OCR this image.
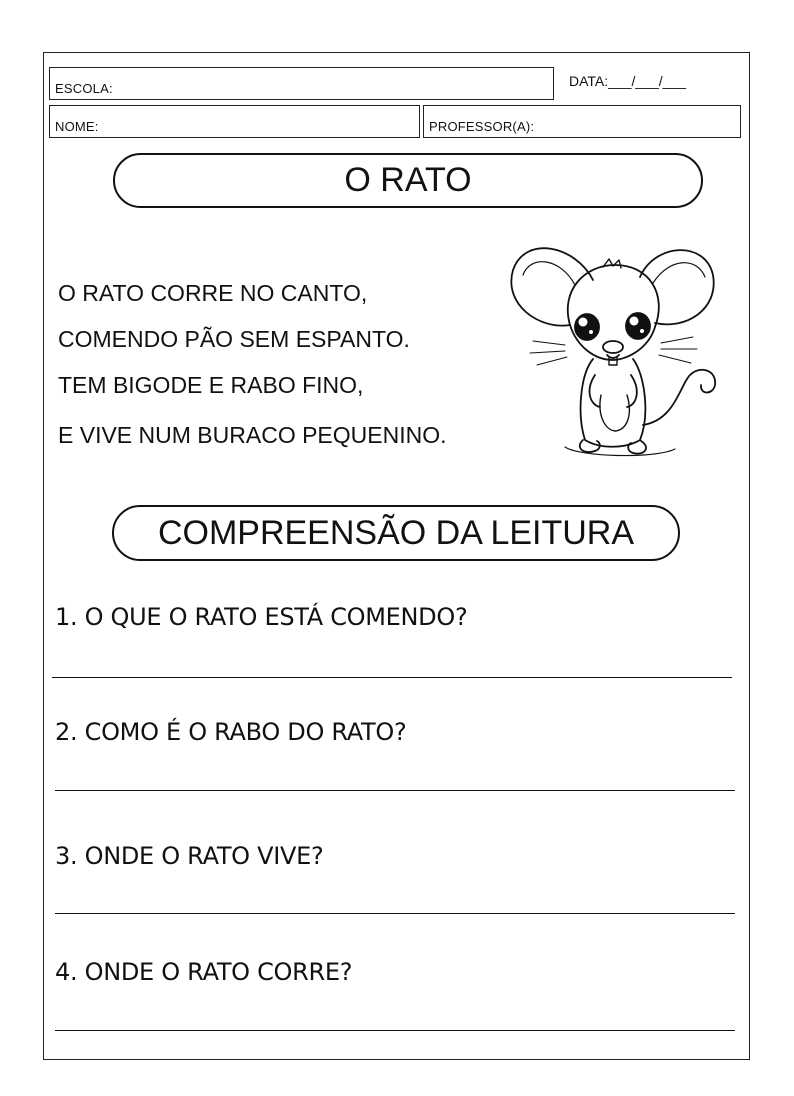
ESCOLA:	DATA:___/___/___
NOME:	PROFESSOR(A):
O RATO
O RATO CORRE NO CANTO,
COMENDO PÃO SEM ESPANTO.
TEM BIGODE E RABO FINO,
E VIVE NUM BURACO PEQUENINO.
COMPREENSÃO DA LEITURA
1. O QUE O RATO ESTÁ COMENDO?
2. COMO É O RABO DO RATO?
3. ONDE O RATO VIVE?
4. ONDE O RATO CORRE?
